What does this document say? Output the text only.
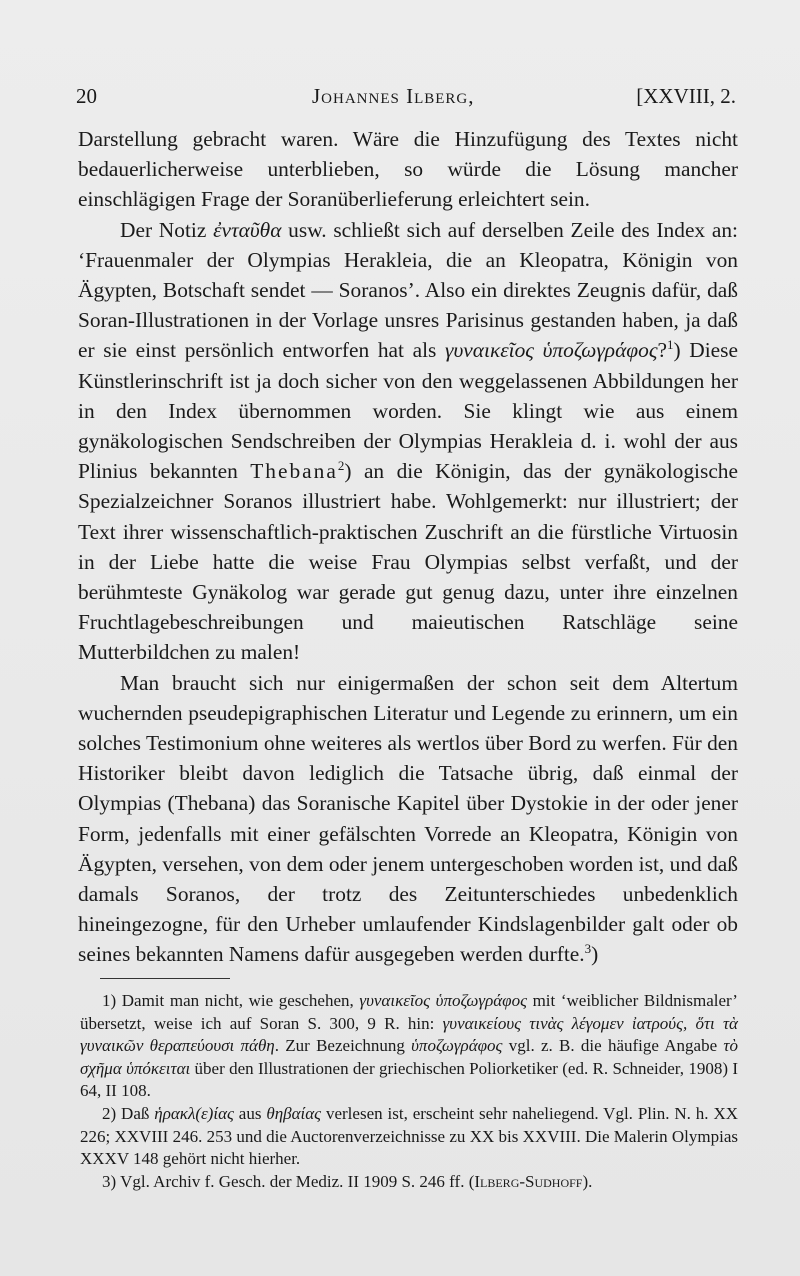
20	Johannes Ilberg,	[XXVIII, 2.

Darstellung gebracht waren. Wäre die Hinzufügung des Textes nicht bedauerlicherweise unterblieben, so würde die Lösung mancher einschlägigen Frage der Soranüberlieferung erleichtert sein.

Der Notiz ἐνταῦθα usw. schließt sich auf derselben Zeile des Index an: ‘Frauenmaler der Olympias Herakleia, die an Kleopatra, Königin von Ägypten, Botschaft sendet — Soranos’. Also ein direktes Zeugnis dafür, daß Soran-Illustrationen in der Vorlage unsres Parisinus gestanden haben, ja daß er sie einst persönlich entworfen hat als γυναικεῖος ὑποζωγράφος?$^1$) Diese Künstlerinschrift ist ja doch sicher von den weggelassenen Abbildungen her in den Index übernommen worden. Sie klingt wie aus einem gynäkologischen Sendschreiben der Olympias Herakleia d. i. wohl der aus Plinius bekannten Thebana$^2$) an die Königin, das der gynäkologische Spezialzeichner Soranos illustriert habe. Wohlgemerkt: nur illustriert; der Text ihrer wissenschaftlich-praktischen Zuschrift an die fürstliche Virtuosin in der Liebe hatte die weise Frau Olympias selbst verfaßt, und der berühmteste Gynäkolog war gerade gut genug dazu, unter ihre einzelnen Fruchtlagebeschreibungen und maieutischen Ratschläge seine Mutterbildchen zu malen!

Man braucht sich nur einigermaßen der schon seit dem Altertum wuchernden pseudepigraphischen Literatur und Legende zu erinnern, um ein solches Testimonium ohne weiteres als wertlos über Bord zu werfen. Für den Historiker bleibt davon lediglich die Tatsache übrig, daß einmal der Olympias (Thebana) das Soranische Kapitel über Dystokie in der oder jener Form, jedenfalls mit einer gefälschten Vorrede an Kleopatra, Königin von Ägypten, versehen, von dem oder jenem untergeschoben worden ist, und daß damals Soranos, der trotz des Zeitunterschiedes unbedenklich hineingezogne, für den Urheber umlaufender Kindslagenbilder galt oder ob seines bekannten Namens dafür ausgegeben werden durfte.$^3$)

1) Damit man nicht, wie geschehen, γυναικεῖος ὑποζωγράφος mit ‘weiblicher Bildnismaler’ übersetzt, weise ich auf Soran S. 300, 9 R. hin: γυναικείους τινὰς λέγομεν ἰατρούς, ὅτι τὰ γυναικῶν θεραπεύουσι πάθη. Zur Bezeichnung ὑποζωγράφος vgl. z. B. die häufige Angabe τὸ σχῆμα ὑπόκειται über den Illustrationen der griechischen Poliorketiker (ed. R. Schneider, 1908) I 64, II 108.

2) Daß ἡρακλ(ε)ίας aus θηβαίας verlesen ist, erscheint sehr naheliegend. Vgl. Plin. N. h. XX 226; XXVIII 246. 253 und die Auctorenverzeichnisse zu XX bis XXVIII. Die Malerin Olympias XXXV 148 gehört nicht hierher.

3) Vgl. Archiv f. Gesch. der Mediz. II 1909 S. 246 ff. (Ilberg-Sudhoff).
